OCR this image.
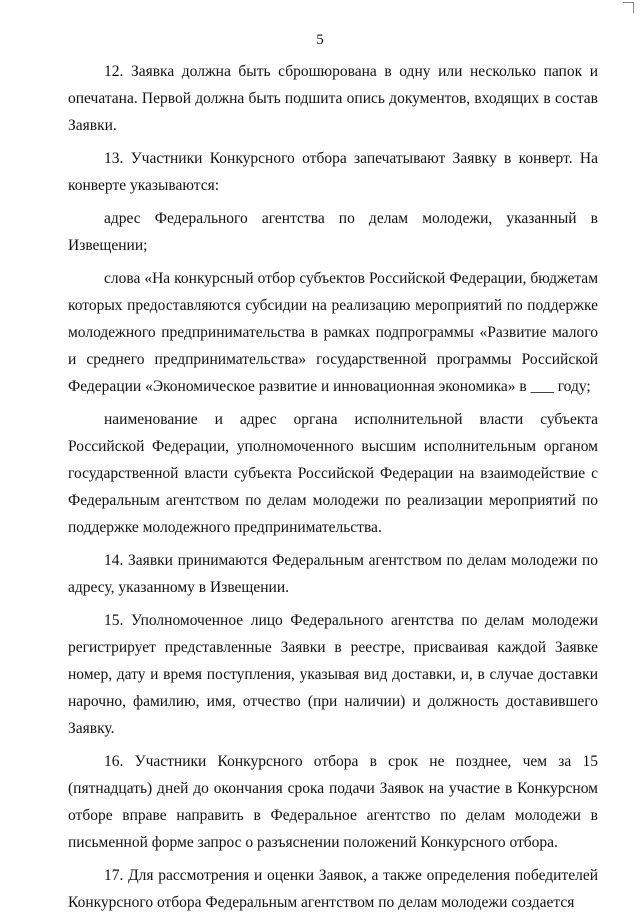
5

12. Заявка должна быть сброшюрована в одну или несколько папок и опечатана. Первой должна быть подшита опись документов, входящих в состав Заявки.

13. Участники Конкурсного отбора запечатывают Заявку в конверт. На конверте указываются:

адрес Федерального агентства по делам молодежи, указанный в Извещении;

слова «На конкурсный отбор субъектов Российской Федерации, бюджетам которых предоставляются субсидии на реализацию мероприятий по поддержке молодежного предпринимательства в рамках подпрограммы «Развитие малого и среднего предпринимательства» государственной программы Российской Федерации «Экономическое развитие и инновационная экономика» в ___ году;

наименование и адрес органа исполнительной власти субъекта Российской Федерации, уполномоченного высшим исполнительным органом государственной власти субъекта Российской Федерации на взаимодействие с Федеральным агентством по делам молодежи по реализации мероприятий по поддержке молодежного предпринимательства.

14. Заявки принимаются Федеральным агентством по делам молодежи по адресу, указанному в Извещении.

15. Уполномоченное лицо Федерального агентства по делам молодежи регистрирует представленные Заявки в реестре, присваивая каждой Заявке номер, дату и время поступления, указывая вид доставки, и, в случае доставки нарочно, фамилию, имя, отчество (при наличии) и должность доставившего Заявку.

16. Участники Конкурсного отбора в срок не позднее, чем за 15 (пятнадцать) дней до окончания срока подачи Заявок на участие в Конкурсном отборе вправе направить в Федеральное агентство по делам молодежи в письменной форме запрос о разъяснении положений Конкурсного отбора.

17. Для рассмотрения и оценки Заявок, а также определения победителей Конкурсного отбора Федеральным агентством по делам молодежи создается
